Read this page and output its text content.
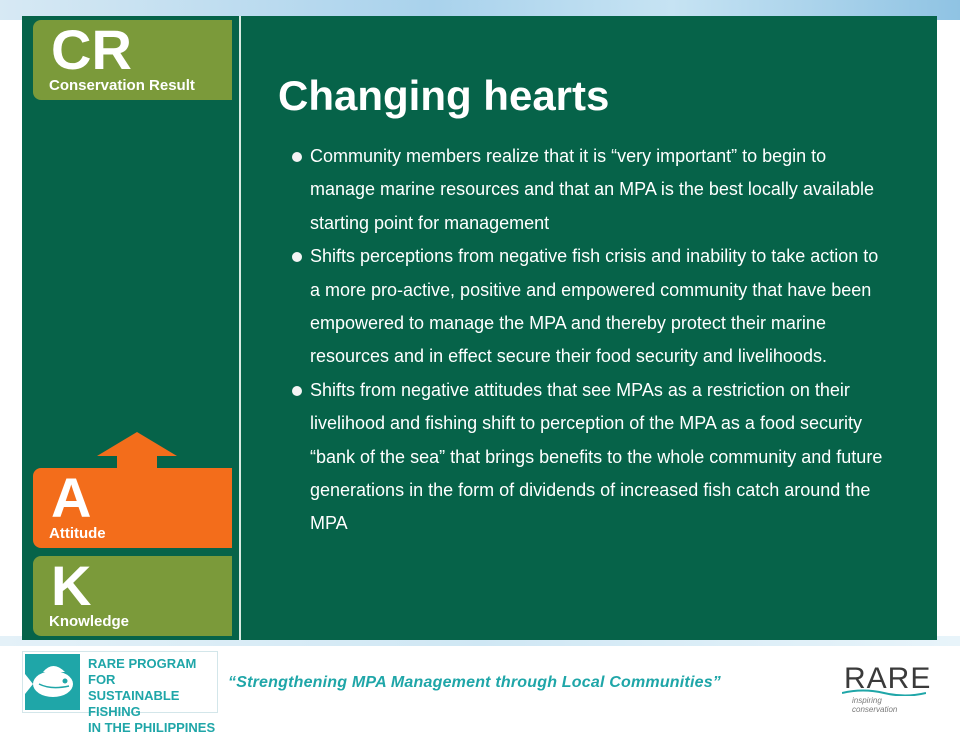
CR
Conservation Result
A
Attitude
K
Knowledge
Changing hearts
Community members realize that it is “very important” to begin to manage marine resources and that an MPA is the best locally available starting point for management
Shifts perceptions from negative fish crisis and inability to take action to a more pro-active, positive and empowered community that have been empowered to manage the MPA and thereby protect their marine resources and in effect secure their food security and livelihoods.
Shifts from negative attitudes that see MPAs as a restriction on their livelihood and fishing shift to perception of the MPA as a food security “bank of the sea” that brings benefits to the whole community and future generations in the form of dividends of increased fish catch around the MPA
RARE PROGRAM FOR
SUSTAINABLE FISHING
IN THE PHILIPPINES

“Strengthening MPA Management through Local Communities”	RARE
inspiring conservation
